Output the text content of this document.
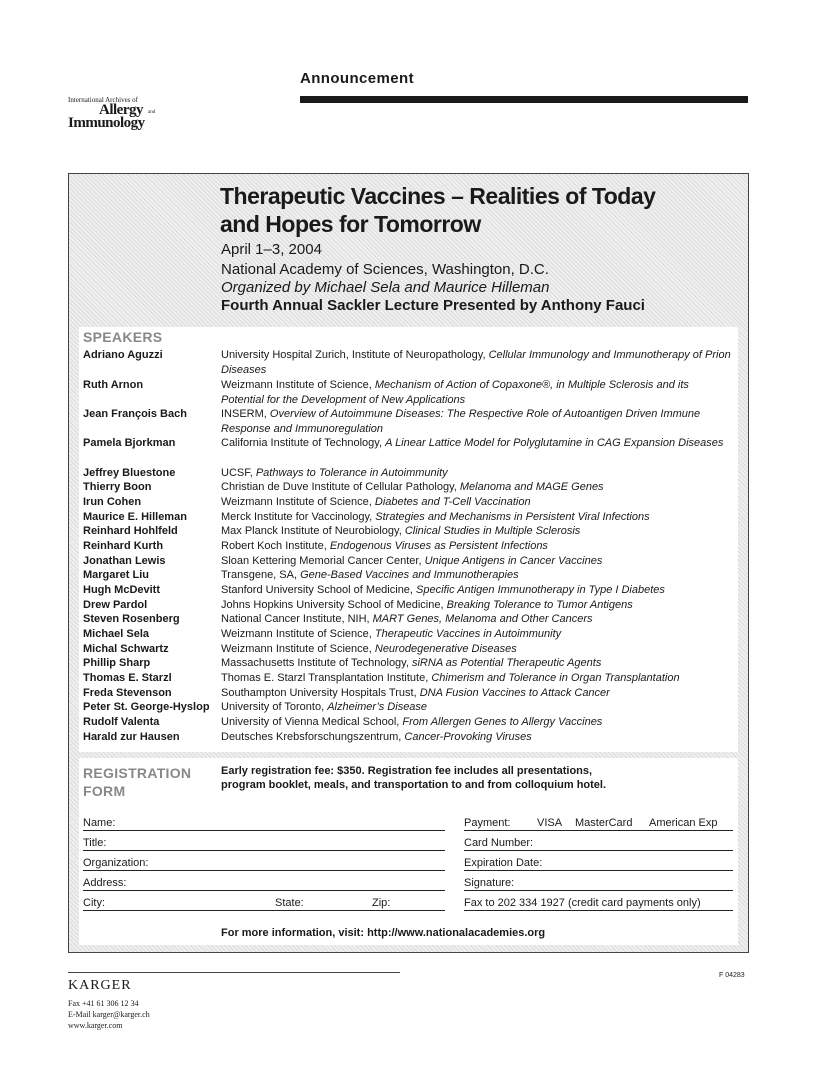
Announcement
International Archives of
Allergy and
Immunology
Therapeutic Vaccines – Realities of Today
and Hopes for Tomorrow
April 1–3, 2004
National Academy of Sciences, Washington, D.C.
Organized by Michael Sela and Maurice Hilleman
Fourth Annual Sackler Lecture Presented by Anthony Fauci
SPEAKERS
Adriano Aguzzi	University Hospital Zurich, Institute of Neuropathology, Cellular Immunology and Immunotherapy of Prion Diseases
Ruth Arnon	Weizmann Institute of Science, Mechanism of Action of Copaxone®, in Multiple Sclerosis and its Potential for the Development of New Applications
Jean François Bach	INSERM, Overview of Autoimmune Diseases: The Respective Role of Autoantigen Driven Immune Response and Immunoregulation
Pamela Bjorkman	California Institute of Technology, A Linear Lattice Model for Polyglutamine in CAG Expansion Diseases
Jeffrey Bluestone	UCSF, Pathways to Tolerance in Autoimmunity
Thierry Boon	Christian de Duve Institute of Cellular Pathology, Melanoma and MAGE Genes
Irun Cohen	Weizmann Institute of Science, Diabetes and T-Cell Vaccination
Maurice E. Hilleman	Merck Institute for Vaccinology, Strategies and Mechanisms in Persistent Viral Infections
Reinhard Hohlfeld	Max Planck Institute of Neurobiology, Clinical Studies in Multiple Sclerosis
Reinhard Kurth	Robert Koch Institute, Endogenous Viruses as Persistent Infections
Jonathan Lewis	Sloan Kettering Memorial Cancer Center, Unique Antigens in Cancer Vaccines
Margaret Liu	Transgene, SA, Gene-Based Vaccines and Immunotherapies
Hugh McDevitt	Stanford University School of Medicine, Specific Antigen Immunotherapy in Type I Diabetes
Drew Pardol	Johns Hopkins University School of Medicine, Breaking Tolerance to Tumor Antigens
Steven Rosenberg	National Cancer Institute, NIH, MART Genes, Melanoma and Other Cancers
Michael Sela	Weizmann Institute of Science, Therapeutic Vaccines in Autoimmunity
Michal Schwartz	Weizmann Institute of Science, Neurodegenerative Diseases
Phillip Sharp	Massachusetts Institute of Technology, siRNA as Potential Therapeutic Agents
Thomas E. Starzl	Thomas E. Starzl Transplantation Institute, Chimerism and Tolerance in Organ Transplantation
Freda Stevenson	Southampton University Hospitals Trust, DNA Fusion Vaccines to Attack Cancer
Peter St. George-Hyslop	University of Toronto, Alzheimer’s Disease
Rudolf Valenta	University of Vienna Medical School, From Allergen Genes to Allergy Vaccines
Harald zur Hausen	Deutsches Krebsforschungszentrum, Cancer-Provoking Viruses
REGISTRATION
FORM
Early registration fee: $350. Registration fee includes all presentations,
program booklet, meals, and transportation to and from colloquium hotel.
Name:
Title:
Organization:
Address:
City:	State:	Zip:
Payment: VISA MasterCard American Exp
Card Number:
Expiration Date:
Signature:
Fax to 202 334 1927 (credit card payments only)
For more information, visit: http://www.nationalacademies.org
KARGER
Fax +41 61 306 12 34
E-Mail karger@karger.ch
www.karger.com
F 04283
